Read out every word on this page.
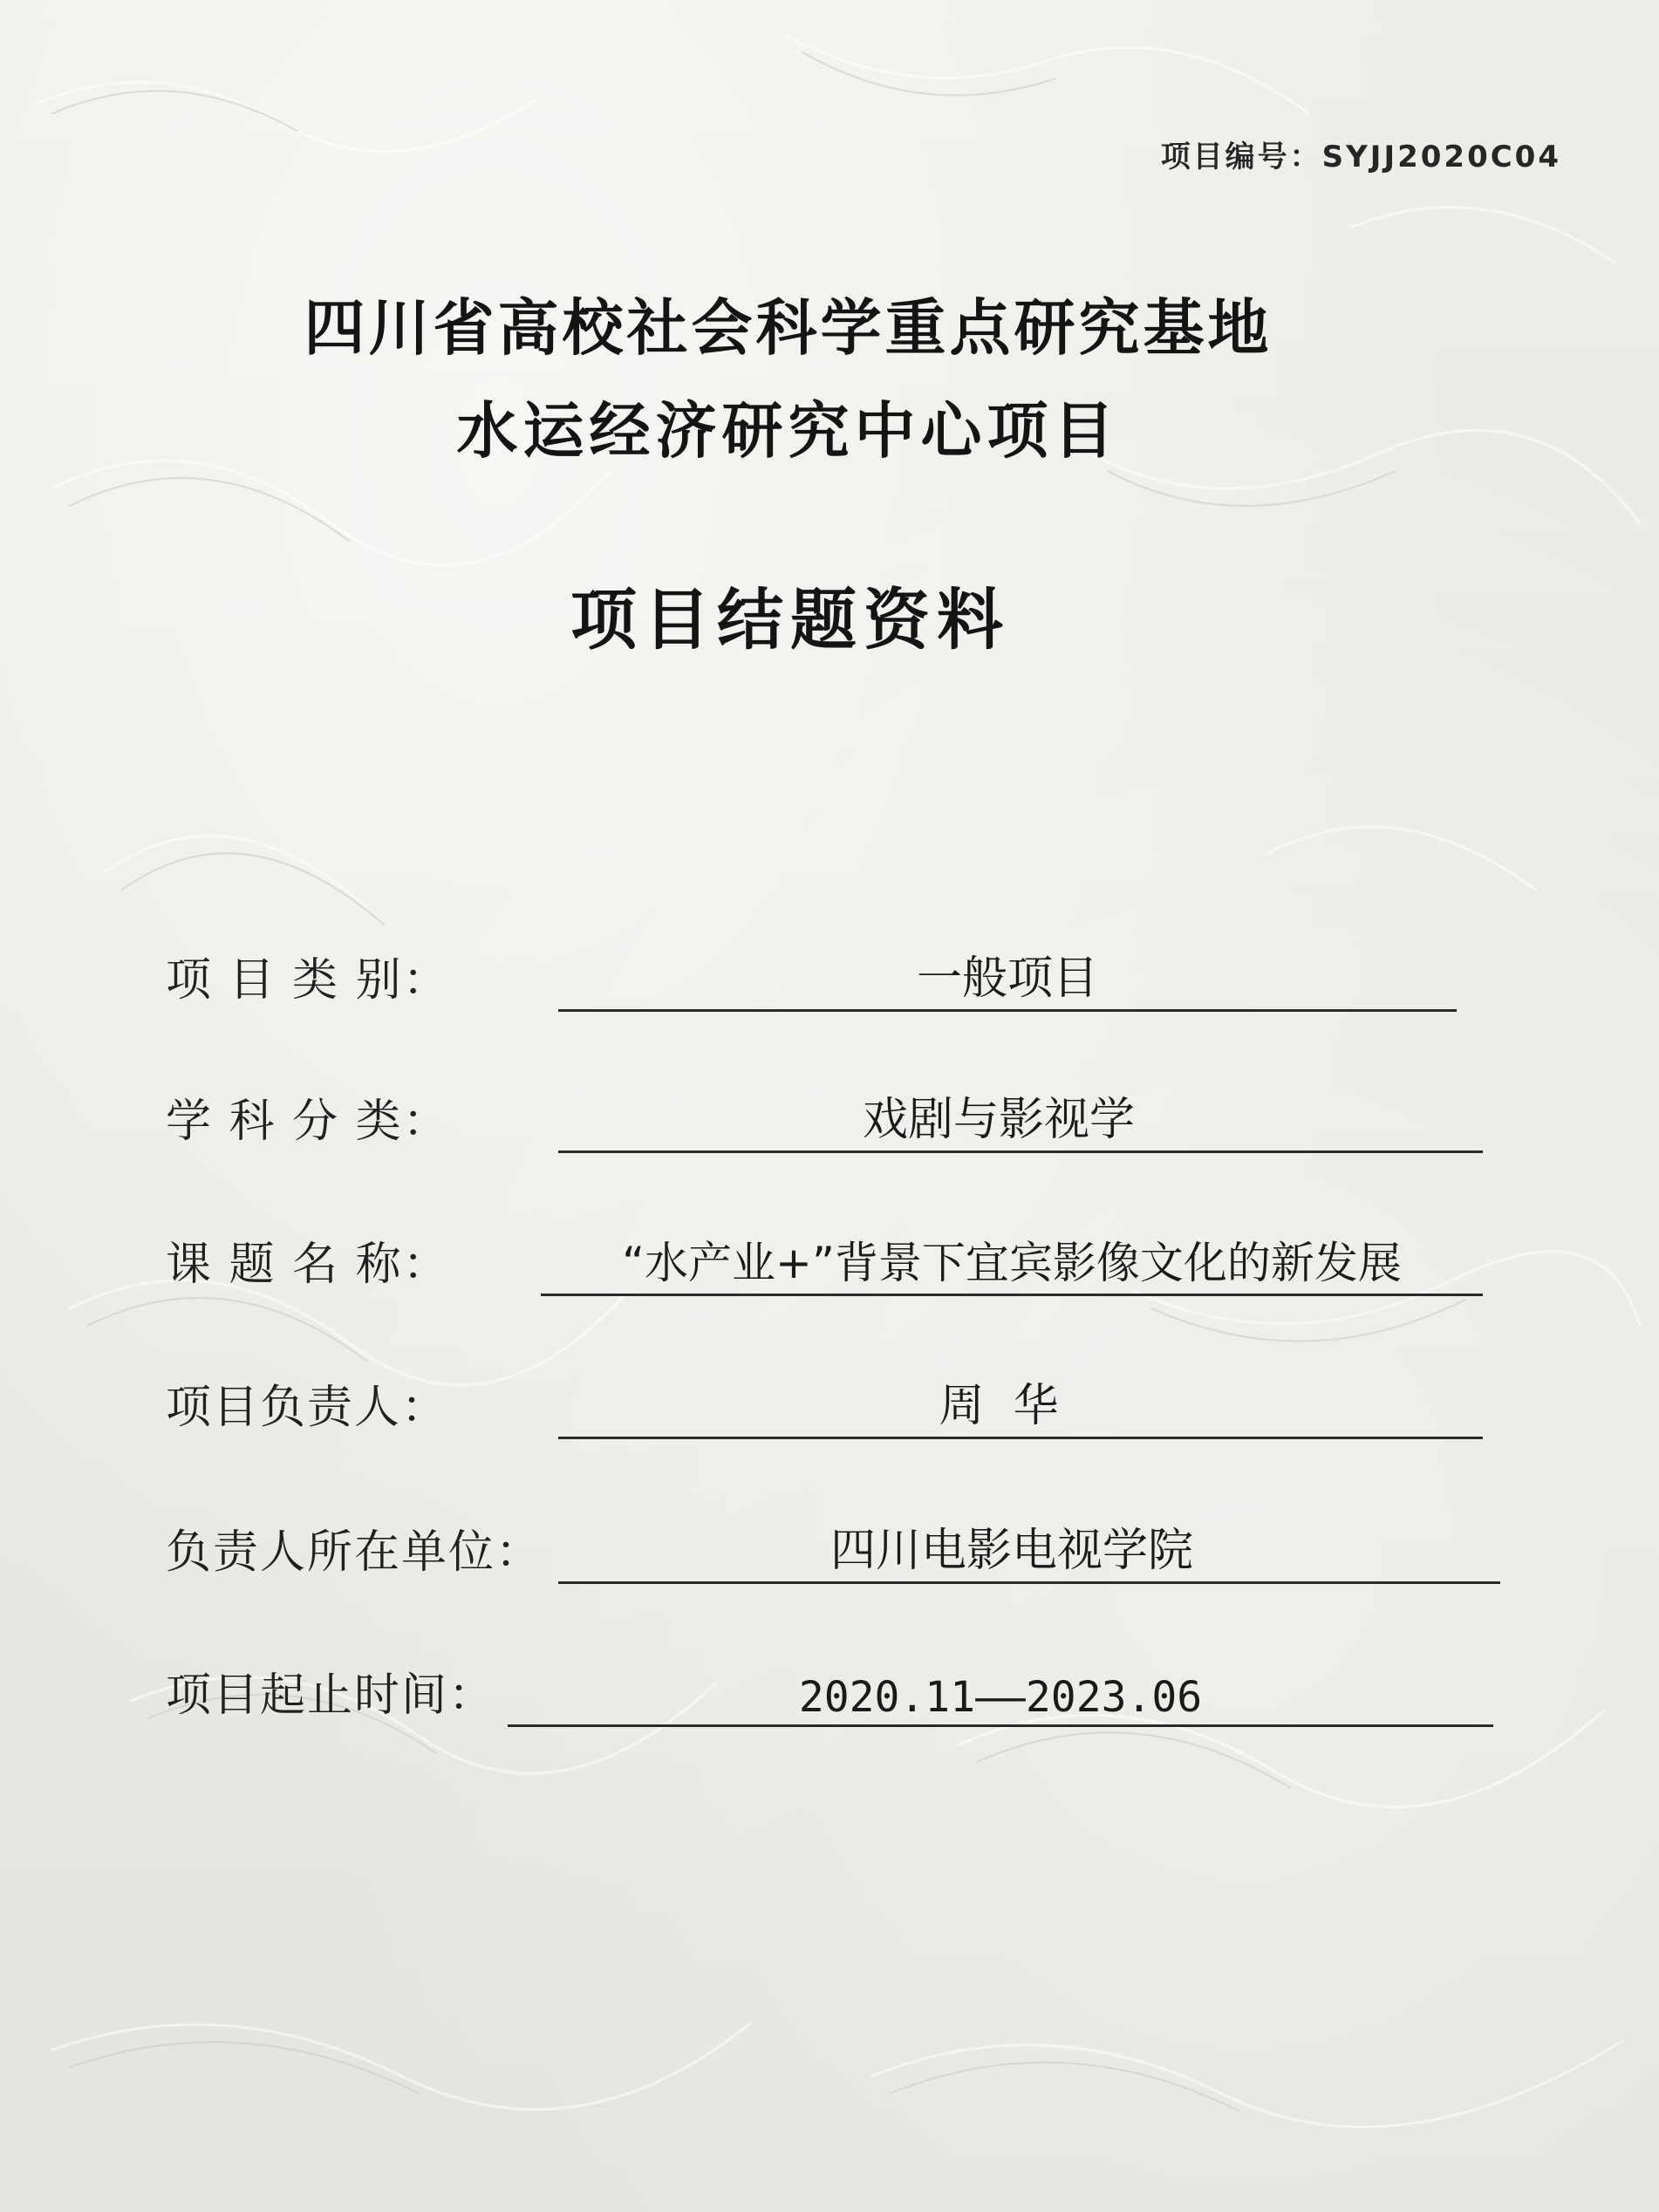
项目编号：SYJJ2020C04
四川省高校社会科学重点研究基地
水运经济研究中心项目
项目结题资料
项 目 类 别：	一般项目
学 科 分 类：	戏剧与影视学
课 题 名 称：	“水产业+”背景下宜宾影像文化的新发展
项目负责人：	周  华
负责人所在单位：	四川电影电视学院
项目起止时间：	2020.11——2023.06
